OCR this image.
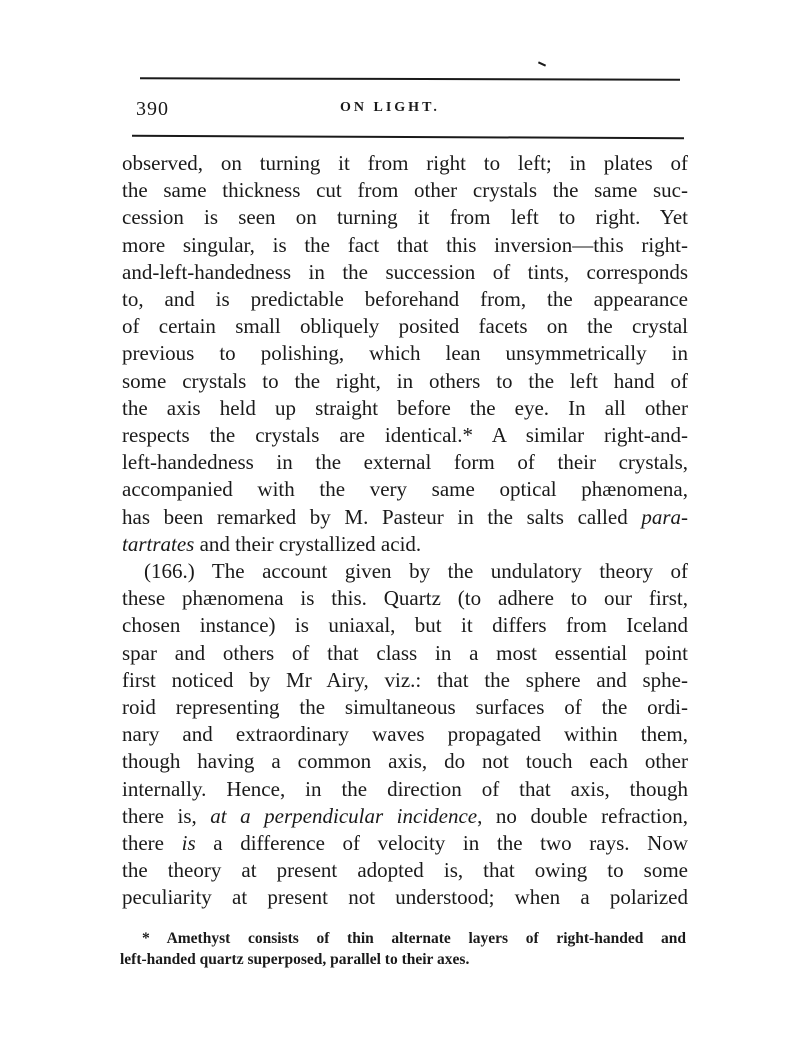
390	ON LIGHT.
observed, on turning it from right to left; in plates of
the same thickness cut from other crystals the same suc-
cession is seen on turning it from left to right. Yet
more singular, is the fact that this inversion—this right-
and-left-handedness in the succession of tints, corresponds
to, and is predictable beforehand from, the appearance
of certain small obliquely posited facets on the crystal
previous to polishing, which lean unsymmetrically in
some crystals to the right, in others to the left hand of
the axis held up straight before the eye. In all other
respects the crystals are identical.* A similar right-and-
left-handedness in the external form of their crystals,
accompanied with the very same optical phænomena,
has been remarked by M. Pasteur in the salts called para-
tartrates and their crystallized acid.
(166.) The account given by the undulatory theory of
these phænomena is this. Quartz (to adhere to our first,
chosen instance) is uniaxal, but it differs from Iceland
spar and others of that class in a most essential point
first noticed by Mr Airy, viz.: that the sphere and sphe-
roid representing the simultaneous surfaces of the ordi-
nary and extraordinary waves propagated within them,
though having a common axis, do not touch each other
internally. Hence, in the direction of that axis, though
there is, at a perpendicular incidence, no double refraction,
there is a difference of velocity in the two rays. Now
the theory at present adopted is, that owing to some
peculiarity at present not understood; when a polarized
* Amethyst consists of thin alternate layers of right-handed and
left-handed quartz superposed, parallel to their axes.
